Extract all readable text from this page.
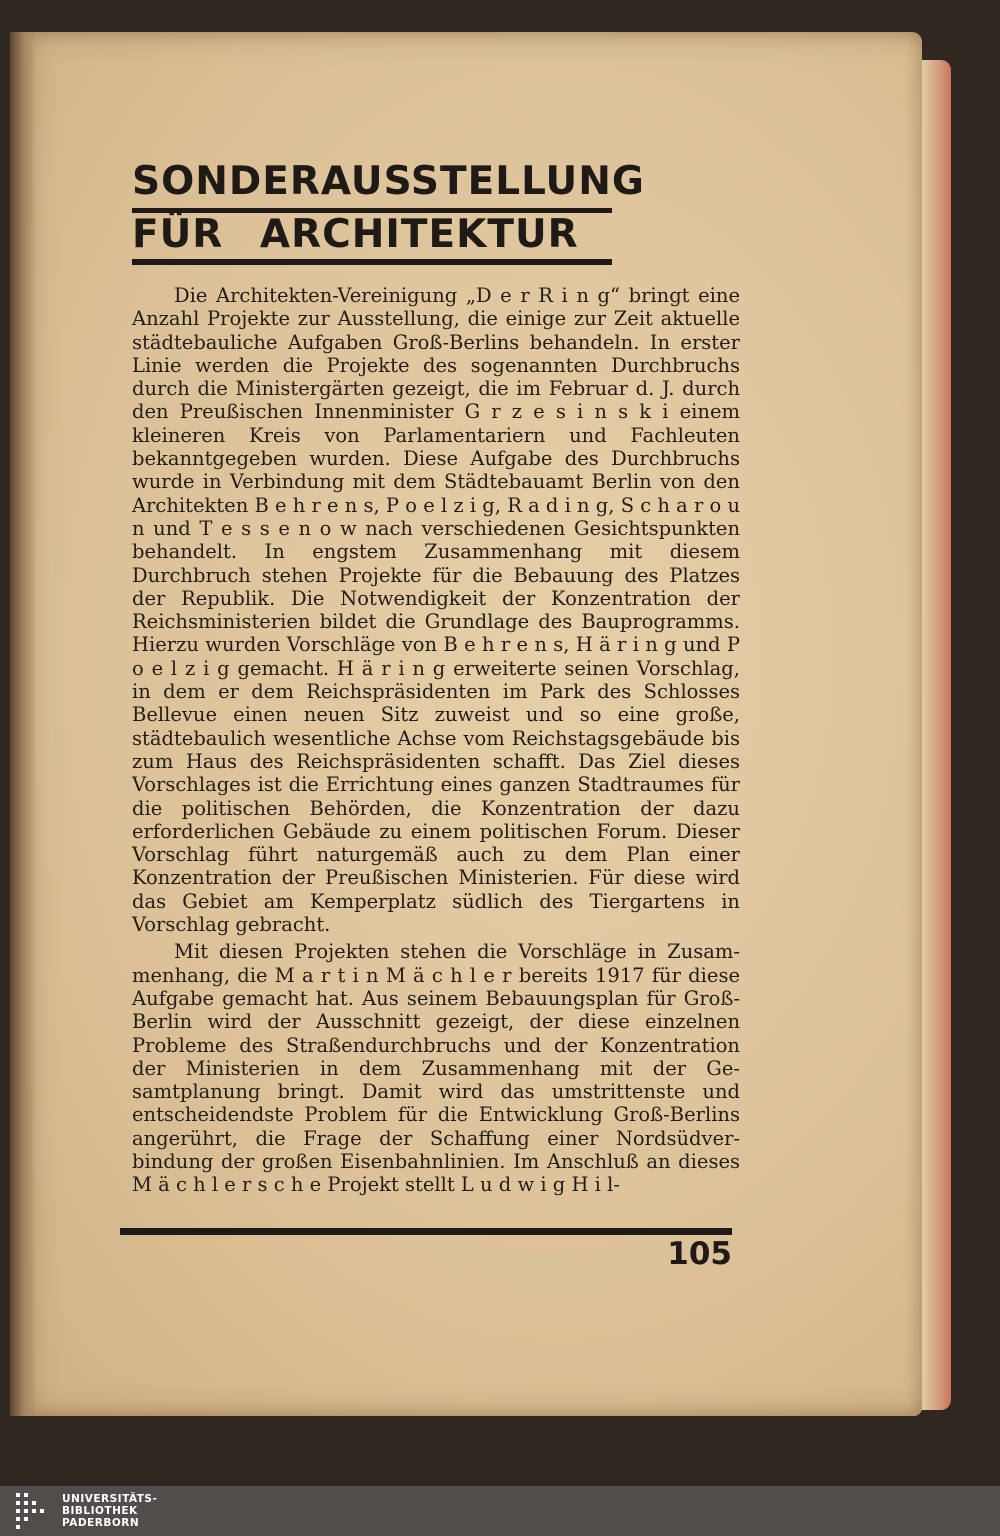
SONDERAUSSTELLUNG
FÜR ARCHITEKTUR

Die Architekten-Vereinigung „D e r R i n g“ bringt eine Anzahl Projekte zur Ausstellung, die einige zur Zeit aktuelle städtebauliche Aufgaben Groß-Berlins behandeln. In erster Linie werden die Projekte des sogenannten Durchbruchs durch die Ministergärten gezeigt, die im Februar d. J. durch den Preußischen Innenminister G r z e s i n s k i einem kleineren Kreis von Parlamentariern und Fachleuten bekanntgegeben wurden. Diese Aufgabe des Durchbruchs wurde in Verbindung mit dem Städtebauamt Berlin von den Architekten B e h r e n s, P o e l z i g, R a d i n g, S c h a r o u n und T e s s e n o w nach verschiedenen Gesichtspunkten behandelt. In engstem Zusammenhang mit diesem Durchbruch stehen Projekte für die Bebauung des Platzes der Republik. Die Notwendigkeit der Konzentration der Reichsministerien bildet die Grundlage des Bauprogramms. Hierzu wurden Vorschläge von B e h r e n s, H ä r i n g und P o e l z i g gemacht. H ä r i n g erweiterte seinen Vorschlag, in dem er dem Reichspräsidenten im Park des Schlosses Bellevue einen neuen Sitz zuweist und so eine große, städtebaulich wesentliche Achse vom Reichstagsgebäude bis zum Haus des Reichspräsidenten schafft. Das Ziel dieses Vorschlages ist die Errichtung eines ganzen Stadtraumes für die politischen Behörden, die Konzentration der dazu erforderlichen Gebäude zu einem politischen Forum. Dieser Vorschlag führt naturgemäß auch zu dem Plan einer Konzentration der Preußischen Ministerien. Für diese wird das Gebiet am Kemperplatz südlich des Tiergartens in Vorschlag gebracht.

Mit diesen Projekten stehen die Vorschläge in Zusammenhang, die M a r t i n M ä c h l e r bereits 1917 für diese Aufgabe gemacht hat. Aus seinem Bebauungsplan für Groß-Berlin wird der Ausschnitt gezeigt, der diese einzelnen Probleme des Straßendurchbruchs und der Konzentration der Ministerien in dem Zusammenhang mit der Gesamtplanung bringt. Damit wird das umstrittenste und entscheidendste Problem für die Entwicklung Groß-Berlins angerührt, die Frage der Schaffung einer Nordsüdverbindung der großen Eisenbahnlinien. Im Anschluß an dieses M ä c h l e r s c h e Projekt stellt L u d w i g H i l-

105
UNIVERSITÄTS-
BIBLIOTHEK
PADERBORN
